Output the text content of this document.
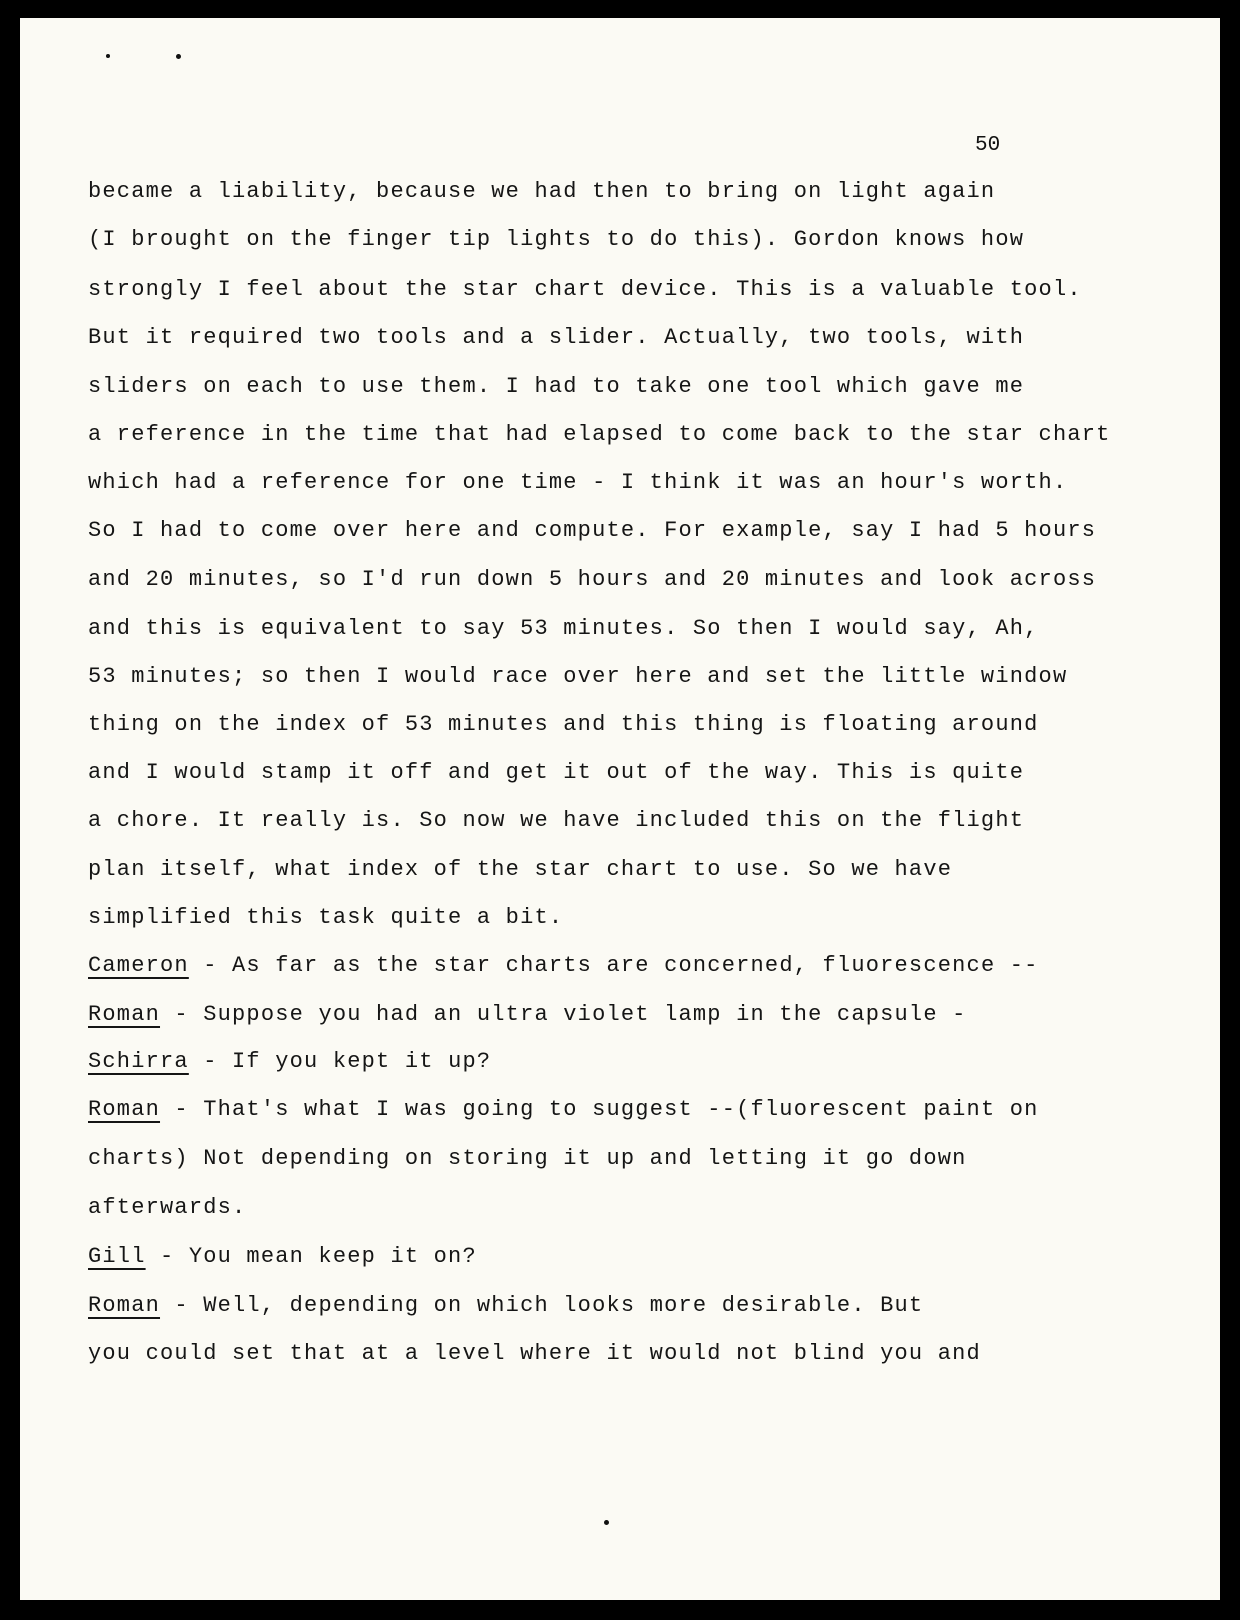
50
became a liability, because we had then to bring on light again
(I brought on the finger tip lights to do this). Gordon knows how
strongly I feel about the star chart device. This is a valuable tool.
But it required two tools and a slider. Actually, two tools, with
sliders on each to use them. I had to take one tool which gave me
a reference in the time that had elapsed to come back to the star chart
which had a reference for one time - I think it was an hour's worth.
So I had to come over here and compute. For example, say I had 5 hours
and 20 minutes, so I'd run down 5 hours and 20 minutes and look across
and this is equivalent to say 53 minutes. So then I would say, Ah,
53 minutes; so then I would race over here and set the little window
thing on the index of 53 minutes and this thing is floating around
and I would stamp it off and get it out of the way. This is quite
a chore. It really is. So now we have included this on the flight
plan itself, what index of the star chart to use. So we have
simplified this task quite a bit.
Cameron - As far as the star charts are concerned, fluorescence --
Roman - Suppose you had an ultra violet lamp in the capsule -
Schirra - If you kept it up?
Roman - That's what I was going to suggest --(fluorescent paint on
charts) Not depending on storing it up and letting it go down
afterwards.
Gill - You mean keep it on?
Roman - Well, depending on which looks more desirable. But
you could set that at a level where it would not blind you and
